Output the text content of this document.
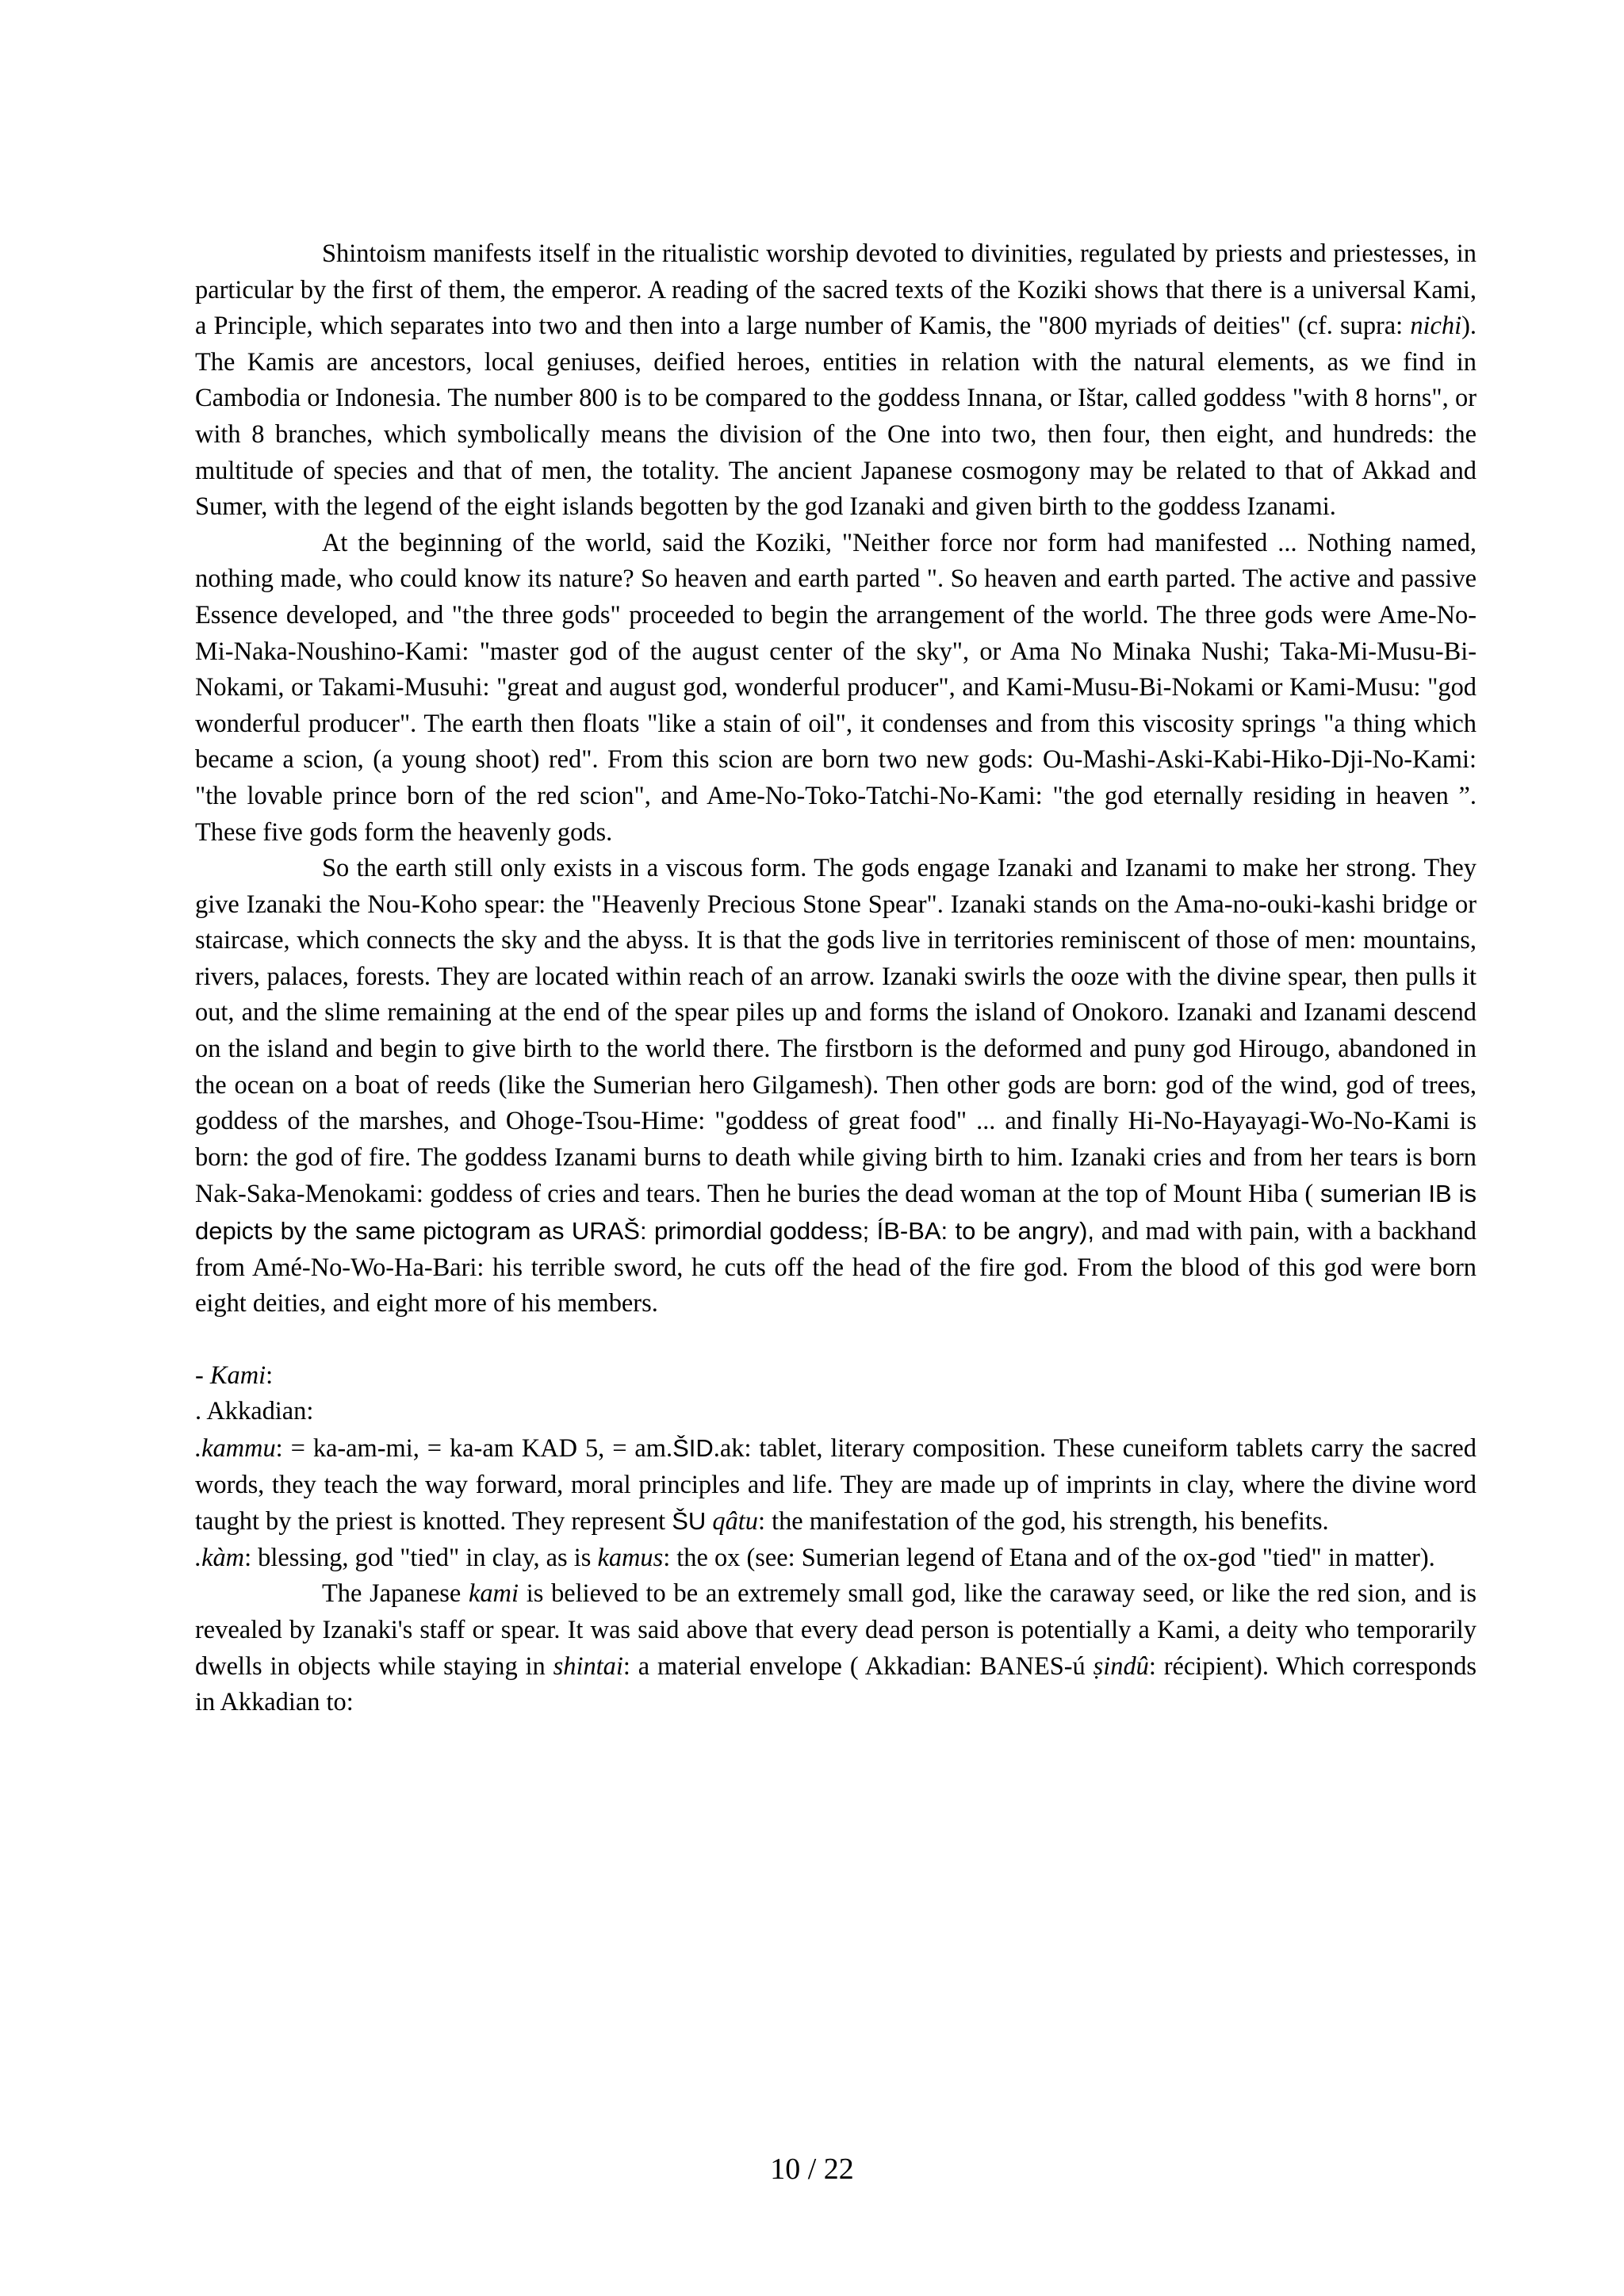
Shintoism manifests itself in the ritualistic worship devoted to divinities, regulated by priests and priestesses, in particular by the first of them, the emperor. A reading of the sacred texts of the Koziki shows that there is a universal Kami, a Principle, which separates into two and then into a large number of Kamis, the "800 myriads of deities" (cf. supra: nichi). The Kamis are ancestors, local geniuses, deified heroes, entities in relation with the natural elements, as we find in Cambodia or Indonesia. The number 800 is to be compared to the goddess Innana, or Ištar, called goddess "with 8 horns", or with 8 branches, which symbolically means the division of the One into two, then four, then eight, and hundreds: the multitude of species and that of men, the totality. The ancient Japanese cosmogony may be related to that of Akkad and Sumer, with the legend of the eight islands begotten by the god Izanaki and given birth to the goddess Izanami.

At the beginning of the world, said the Koziki, "Neither force nor form had manifested ... Nothing named, nothing made, who could know its nature? So heaven and earth parted ". So heaven and earth parted. The active and passive Essence developed, and "the three gods" proceeded to begin the arrangement of the world. The three gods were Ame-No-Mi-Naka-Noushino-Kami: "master god of the august center of the sky", or Ama No Minaka Nushi; Taka-Mi-Musu-Bi-Nokami, or Takami-Musuhi: "great and august god, wonderful producer", and Kami-Musu-Bi-Nokami or Kami-Musu: "god wonderful producer". The earth then floats "like a stain of oil", it condenses and from this viscosity springs "a thing which became a scion, (a young shoot) red". From this scion are born two new gods: Ou-Mashi-Aski-Kabi-Hiko-Dji-No-Kami: "the lovable prince born of the red scion", and Ame-No-Toko-Tatchi-No-Kami: "the god eternally residing in heaven ”. These five gods form the heavenly gods.

So the earth still only exists in a viscous form. The gods engage Izanaki and Izanami to make her strong. They give Izanaki the Nou-Koho spear: the "Heavenly Precious Stone Spear". Izanaki stands on the Ama-no-ouki-kashi bridge or staircase, which connects the sky and the abyss. It is that the gods live in territories reminiscent of those of men: mountains, rivers, palaces, forests. They are located within reach of an arrow. Izanaki swirls the ooze with the divine spear, then pulls it out, and the slime remaining at the end of the spear piles up and forms the island of Onokoro. Izanaki and Izanami descend on the island and begin to give birth to the world there. The firstborn is the deformed and puny god Hirougo, abandoned in the ocean on a boat of reeds (like the Sumerian hero Gilgamesh). Then other gods are born: god of the wind, god of trees, goddess of the marshes, and Ohoge-Tsou-Hime: "goddess of great food" ... and finally Hi-No-Hayayagi-Wo-No-Kami is born: the god of fire. The goddess Izanami burns to death while giving birth to him. Izanaki cries and from her tears is born Nak-Saka-Menokami: goddess of cries and tears. Then he buries the dead woman at the top of Mount Hiba ( sumerian IB is depicts by the same pictogram as URAŠ: primordial goddess; ÍB-BA: to be angry), and mad with pain, with a backhand from Amé-No-Wo-Ha-Bari: his terrible sword, he cuts off the head of the fire god. From the blood of this god were born eight deities, and eight more of his members.

- Kami:

. Akkadian:

.kammu: = ka-am-mi, = ka-am KAD 5, = am.ŠID.ak: tablet, literary composition. These cuneiform tablets carry the sacred words, they teach the way forward, moral principles and life. They are made up of imprints in clay, where the divine word taught by the priest is knotted. They represent ŠU qâtu: the manifestation of the god, his strength, his benefits.

.kàm: blessing, god "tied" in clay, as is kamus: the ox (see: Sumerian legend of Etana and of the ox-god "tied" in matter).

The Japanese kami is believed to be an extremely small god, like the caraway seed, or like the red sion, and is revealed by Izanaki's staff or spear. It was said above that every dead person is potentially a Kami, a deity who temporarily dwells in objects while staying in shintai: a material envelope ( Akkadian: BANES-ú ṣindû: récipient). Which corresponds in Akkadian to:

10 / 22
